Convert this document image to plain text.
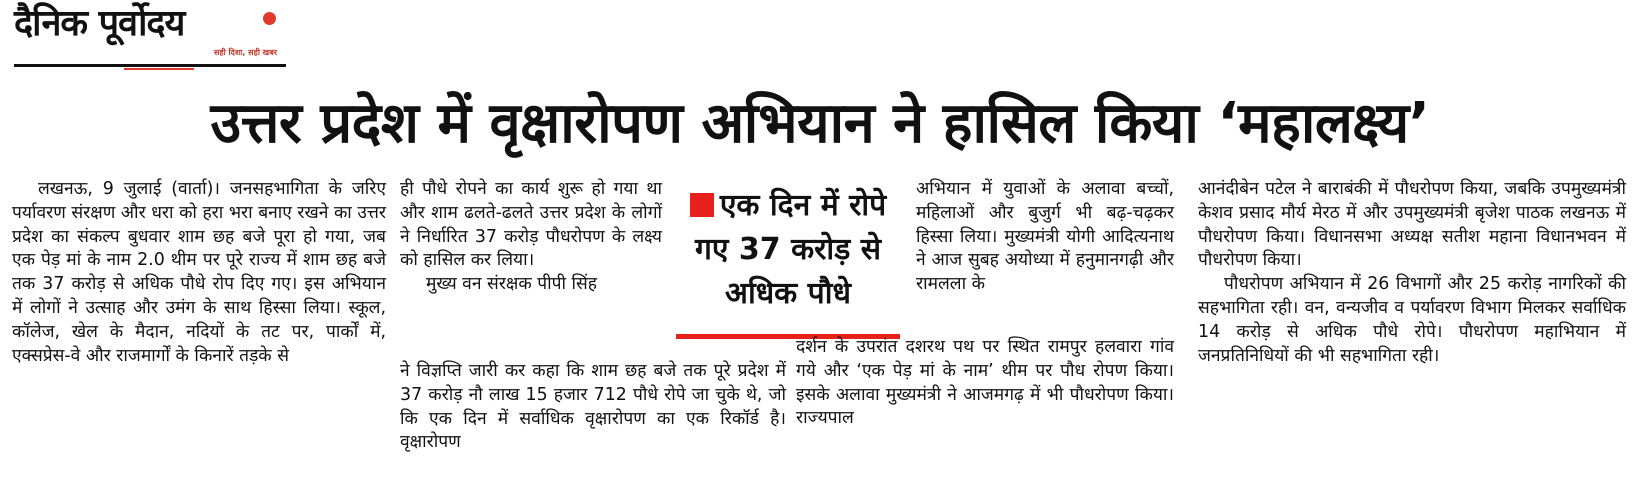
दैनिक पूर्वोदय
सही दिशा, सही खबर
उत्तर प्रदेश में वृक्षारोपण अभियान ने हासिल किया ‘महालक्ष्य’

लखनऊ, 9 जुलाई (वार्ता)। जनसहभागिता के जरिए पर्यावरण संरक्षण और धरा को हरा भरा बनाए रखने का उत्तर प्रदेश का संकल्प बुधवार शाम छह बजे पूरा हो गया, जब एक पेड़ मां के नाम 2.0 थीम पर पूरे राज्य में शाम छह बजे तक 37 करोड़ से अधिक पौधे रोप दिए गए। इस अभियान में लोगों ने उत्साह और उमंग के साथ हिस्सा लिया। स्कूल, कॉलेज, खेल के मैदान, नदियों के तट पर, पार्कों में, एक्सप्रेस-वे और राजमार्गों के किनारें तड़के से

ही पौधे रोपने का कार्य शुरू हो गया था और शाम ढलते-ढलते उत्तर प्रदेश के लोगों ने निर्धारित 37 करोड़ पौधरोपण के लक्ष्य को हासिल कर लिया।

मुख्य वन संरक्षक पीपी सिंह

ने विज्ञप्ति जारी कर कहा कि शाम छह बजे तक पूरे प्रदेश में 37 करोड़ नौ लाख 15 हजार 712 पौधे रोपे जा चुके थे, जो कि एक दिन में सर्वाधिक वृक्षारोपण का एक रिकॉर्ड है। वृक्षारोपण

एक दिन में रोपे
गए 37 करोड़ से
अधिक पौधे

अभियान में युवाओं के अलावा बच्चों, महिलाओं और बुजुर्ग भी बढ़-चढ़कर हिस्सा लिया। मुख्यमंत्री योगी आदित्यनाथ ने आज सुबह अयोध्या में हनुमानगढ़ी और रामलला के

दर्शन के उपरांत दशरथ पथ पर स्थित रामपुर हलवारा गांव गये और ‘एक पेड़ मां के नाम’ थीम पर पौध रोपण किया। इसके अलावा मुख्यमंत्री ने आजमगढ़ में भी पौधरोपण किया। राज्यपाल

आनंदीबेन पटेल ने बाराबंकी में पौधरोपण किया, जबकि उपमुख्यमंत्री केशव प्रसाद मौर्य मेरठ में और उपमुख्यमंत्री बृजेश पाठक लखनऊ में पौधरोपण किया। विधानसभा अध्यक्ष सतीश महाना विधानभवन में पौधरोपण किया।

पौधरोपण अभियान में 26 विभागों और 25 करोड़ नागरिकों की सहभागिता रही। वन, वन्यजीव व पर्यावरण विभाग मिलकर सर्वाधिक 14 करोड़ से अधिक पौधे रोपे। पौधरोपण महाभियान में जनप्रतिनिधियों की भी सहभागिता रही।
